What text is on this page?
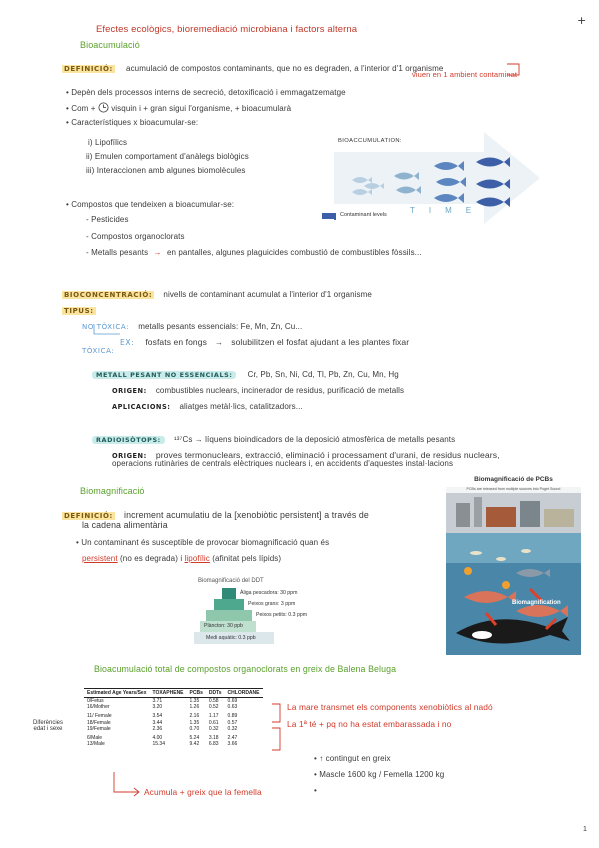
Efectes ecològics, bioremediació microbiana i factors alterna
+
Bioacumulació
DEFINICIÓ: acumulació de compostos contaminants, que no es degraden, a l'interior d'1 organisme
viuen en 1 ambient contaminat
• Depèn dels processos interns de secreció, detoxificació i emmagatzematge
• Com + visquin i + gran sigui l'organisme, + bioacumularà
• Característiques x bioacumular-se:
i) Lipofílics
ii) Emulen comportament d'anàlegs biològics
iii) Interaccionen amb algunes biomolècules
• Compostos que tendeixen a bioacumular-se:
- Pesticides
- Compostos organoclorats
- Metalls pesants → en pantalles, algunes plaguicides combustió de combustibles fòssils...
BIOACCUMULATION:
Contaminant levels	TIME
BIOCONCENTRACIÓ: nivells de contaminant acumulat a l'interior d'1 organisme
TIPUS:
NO TÒXICA: metalls pesants essencials: Fe, Mn, Zn, Cu...
EX: fosfats en fongs → solubilitzen el fosfat ajudant a les plantes fixar
TÒXICA:
METALL PESANT NO ESSENCIALS: Cr, Pb, Sn, Ni, Cd, Tl, Pb, Zn, Cu, Mn, Hg
ORIGEN: combustibles nuclears, incinerador de residus, purificació de metalls
APLICACIONS: aliatges metàl·lics, catalitzadors...
RADIOISÒTOPS: ¹³⁷Cs → líquens bioindicadors de la deposició atmosfèrica de metalls pesants
ORIGEN: proves termonuclears, extracció, eliminació i processament d'urani, de residus nuclears,
operacions rutinàries de centrals elèctriques nuclears i, en accidents d'aquestes instal·lacions
Biomagnificació
DEFINICIÓ: increment acumulatiu de la [xenobiòtic persistent] a través de
la cadena alimentària
• Un contaminant és susceptible de provocar biomagnificació quan és
persistent (no es degrada) i lipofílic (afinitat pels lípids)
Biomagnificació de PCBs
PCBs are released from multiple sources into Puget Sound
Biomagnification
Biomagnificació del DDT
Àliga pescadora: 30 ppm
Peixos grans: 3 ppm
Peixos petits: 0.3 ppm
Plàncton: 30 ppb
Medi aquàtic: 0.3 ppb
Bioacumulació total de compostos organoclorats en greix de Balena Beluga
Diferències edat i sexe
Estimated Age Years/Sex	TOXAPHENE	PCBs	DDTs	CHLORDANE
0/Fetus	3.71	1.35	0.58	0.69
16/Mother	3.20	1.26	0.52	0.63

11/ Female	3.54	2.16	1.17	0.89
18/Female	3.44	1.35	0.61	0.57
19/Female	2.36	0.70	0.32	0.32

6/Male	4.00	5.24	3.18	2.47
13/Male	15.34	9.42	6.83	3.66
La mare transmet els components xenobiòtics al nadó
La 1ª té + pq no ha estat embarassada i no
• ↑ contingut en greix
• Mascle 1600 kg / Femella 1200 kg
•
Acumula + greix que la femella
1
